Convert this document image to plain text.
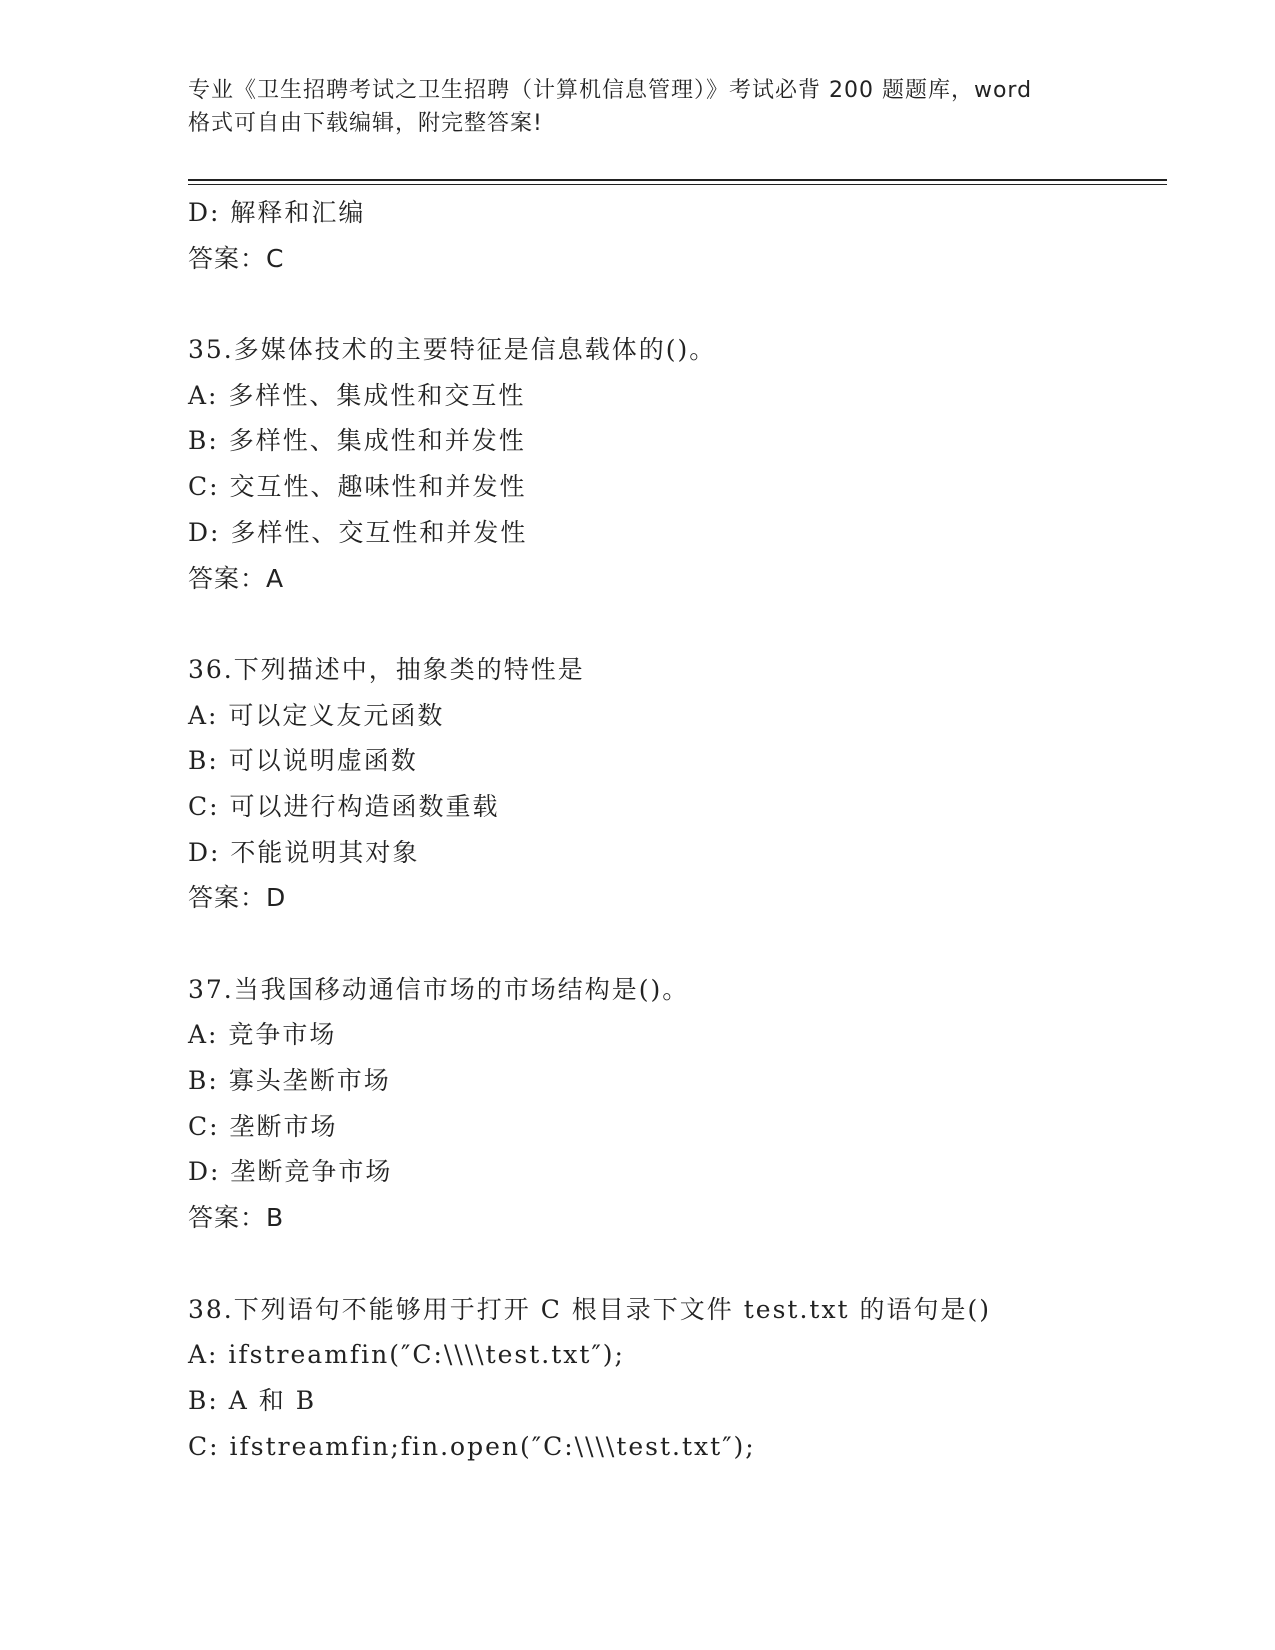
专业《卫生招聘考试之卫生招聘（计算机信息管理）》考试必背 200 题题库，word
格式可自由下载编辑，附完整答案!
D: 解释和汇编
答案：C
35.多媒体技术的主要特征是信息载体的()。
A: 多样性、集成性和交互性
B: 多样性、集成性和并发性
C: 交互性、趣味性和并发性
D: 多样性、交互性和并发性
答案：A
36.下列描述中，抽象类的特性是
A: 可以定义友元函数
B: 可以说明虚函数
C: 可以进行构造函数重载
D: 不能说明其对象
答案：D
37.当我国移动通信市场的市场结构是()。
A: 竞争市场
B: 寡头垄断市场
C: 垄断市场
D: 垄断竞争市场
答案：B
38.下列语句不能够用于打开 C 根目录下文件 test.txt 的语句是()
A: ifstreamfin(″C:\\\\test.txt″);
B: A 和 B
C: ifstreamfin;fin.open(″C:\\\\test.txt″);
